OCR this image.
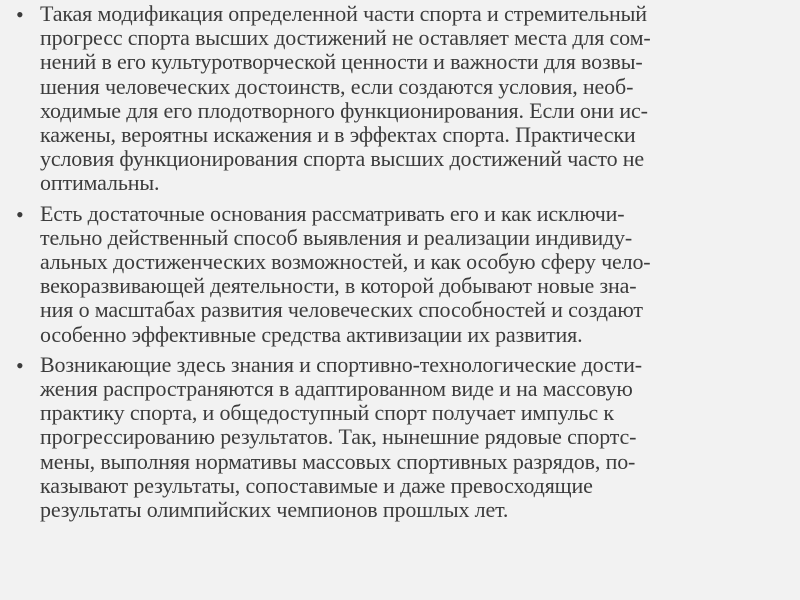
• Такая модификация определенной части спорта и стремительный
прогресс спорта высших достижений не оставляет места для сом-
нений в его культуротворческой ценности и важности для возвы-
шения человеческих достоинств, если создаются условия, необ-
ходимые для его плодотворного функционирования. Если они ис-
кажены, вероятны искажения и в эффектах спорта. Практически
условия функционирования спорта высших достижений часто не
оптимальны.
• Есть достаточные основания рассматривать его и как исключи-
тельно действенный способ выявления и реализации индивиду-
альных достиженческих возможностей, и как особую сферу чело-
векоразвивающей деятельности, в которой добывают новые зна-
ния о масштабах развития человеческих способностей и создают
особенно эффективные средства активизации их развития.
• Возникающие здесь знания и спортивно-технологические дости-
жения распространяются в адаптированном виде и на массовую
практику спорта, и общедоступный спорт получает импульс к
прогрессированию результатов. Так, нынешние рядовые спортс-
мены, выполняя нормативы массовых спортивных разрядов, по-
казывают результаты, сопоставимые и даже превосходящие
результаты олимпийских чемпионов прошлых лет.
